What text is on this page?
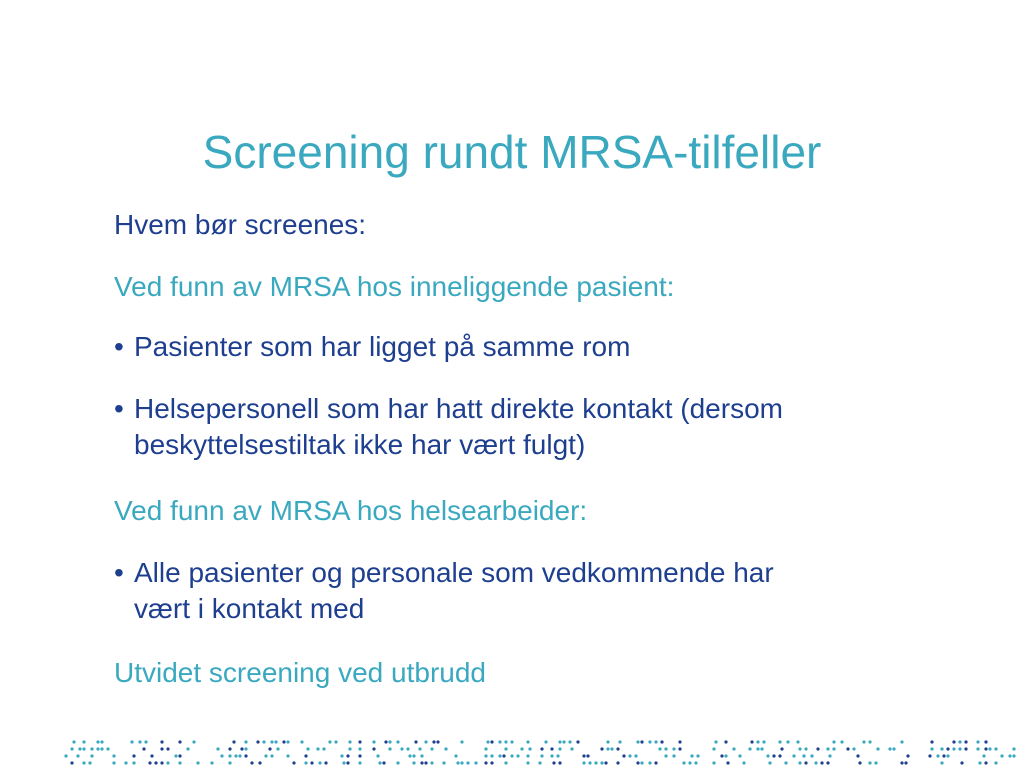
Screening rundt MRSA-tilfeller
Hvem bør screenes:
Ved funn av MRSA hos inneliggende pasient:
• Pasienter som har ligget på samme rom
• Helsepersonell som har hatt direkte kontakt (dersom
beskyttelsestiltak ikke har vært fulgt)
Ved funn av MRSA hos helsearbeider:
• Alle pasienter og personale som vedkommende har
vært i kontakt med
Utvidet screening ved utbrudd
